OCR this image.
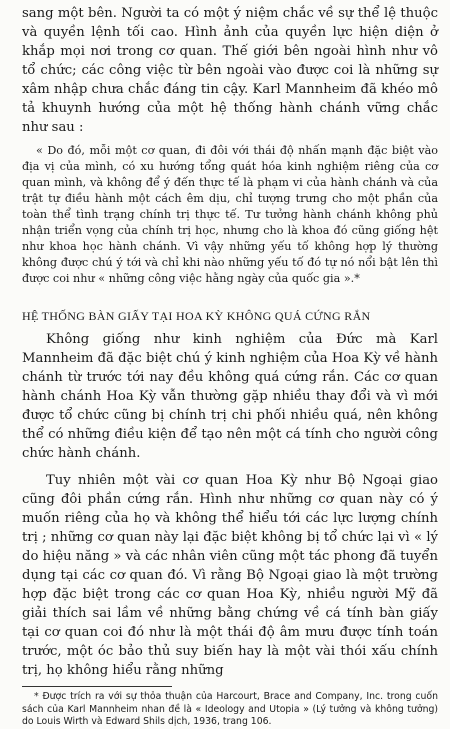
sang một bên. Người ta có một ý niệm chắc về sự thể lệ thuộc và quyền lệnh tối cao. Hình ảnh của quyền lực hiện diện ở khắp mọi nơi trong cơ quan. Thế giới bên ngoài hình như vô tổ chức; các công việc từ bên ngoài vào được coi là những sự xâm nhập chưa chắc đáng tin cậy. Karl Mannheim đã khéo mô tả khuynh hướng của một hệ thống hành chánh vững chắc như sau :

« Do đó, mỗi một cơ quan, đi đôi với thái độ nhấn mạnh đặc biệt vào địa vị của mình, có xu hướng tổng quát hóa kinh nghiệm riêng của cơ quan mình, và không để ý đến thực tế là phạm vi của hành chánh và của trật tự điều hành một cách êm dịu, chỉ tượng trưng cho một phần của toàn thể tình trạng chính trị thực tế. Tư tưởng hành chánh không phủ nhận triển vọng của chính trị học, nhưng cho là khoa đó cũng giống hệt như khoa học hành chánh. Vì vậy những yếu tố không hợp lý thường không được chú ý tới và chỉ khi nào những yếu tố đó tự nó nổi bật lên thì được coi như « những công việc hằng ngày của quốc gia ».*

HỆ THỐNG BÀN GIẤY TẠI HOA KỲ KHÔNG QUÁ CỨNG RẮN

Không giống như kinh nghiệm của Đức mà Karl Mannheim đã đặc biệt chú ý kinh nghiệm của Hoa Kỳ về hành chánh từ trước tới nay đều không quá cứng rắn. Các cơ quan hành chánh Hoa Kỳ vẫn thường gặp nhiều thay đổi và vì mới được tổ chức cũng bị chính trị chi phối nhiều quá, nên không thể có những điều kiện để tạo nên một cá tính cho người công chức hành chánh.

Tuy nhiên một vài cơ quan Hoa Kỳ như Bộ Ngoại giao cũng đôi phần cứng rắn. Hình như những cơ quan này có ý muốn riêng của họ và không thể hiểu tới các lực lượng chính trị ; những cơ quan này lại đặc biệt không bị tổ chức lại vì « lý do hiệu năng » và các nhân viên cũng một tác phong đã tuyển dụng tại các cơ quan đó. Vì rằng Bộ Ngoại giao là một trường hợp đặc biệt trong các cơ quan Hoa Kỳ, nhiều người Mỹ đã giải thích sai lầm về những bằng chứng về cá tính bàn giấy tại cơ quan coi đó như là một thái độ âm mưu được tính toán trước, một óc bảo thủ suy biến hay là một vài thói xấu chính trị, họ không hiểu rằng những

* Được trích ra với sự thỏa thuận của Harcourt, Brace and Company, Inc. trong cuốn sách của Karl Mannheim nhan đề là « Ideology and Utopia » (Lý tưởng và không tưởng) do Louis Wirth và Edward Shils dịch, 1936, trang 106.
